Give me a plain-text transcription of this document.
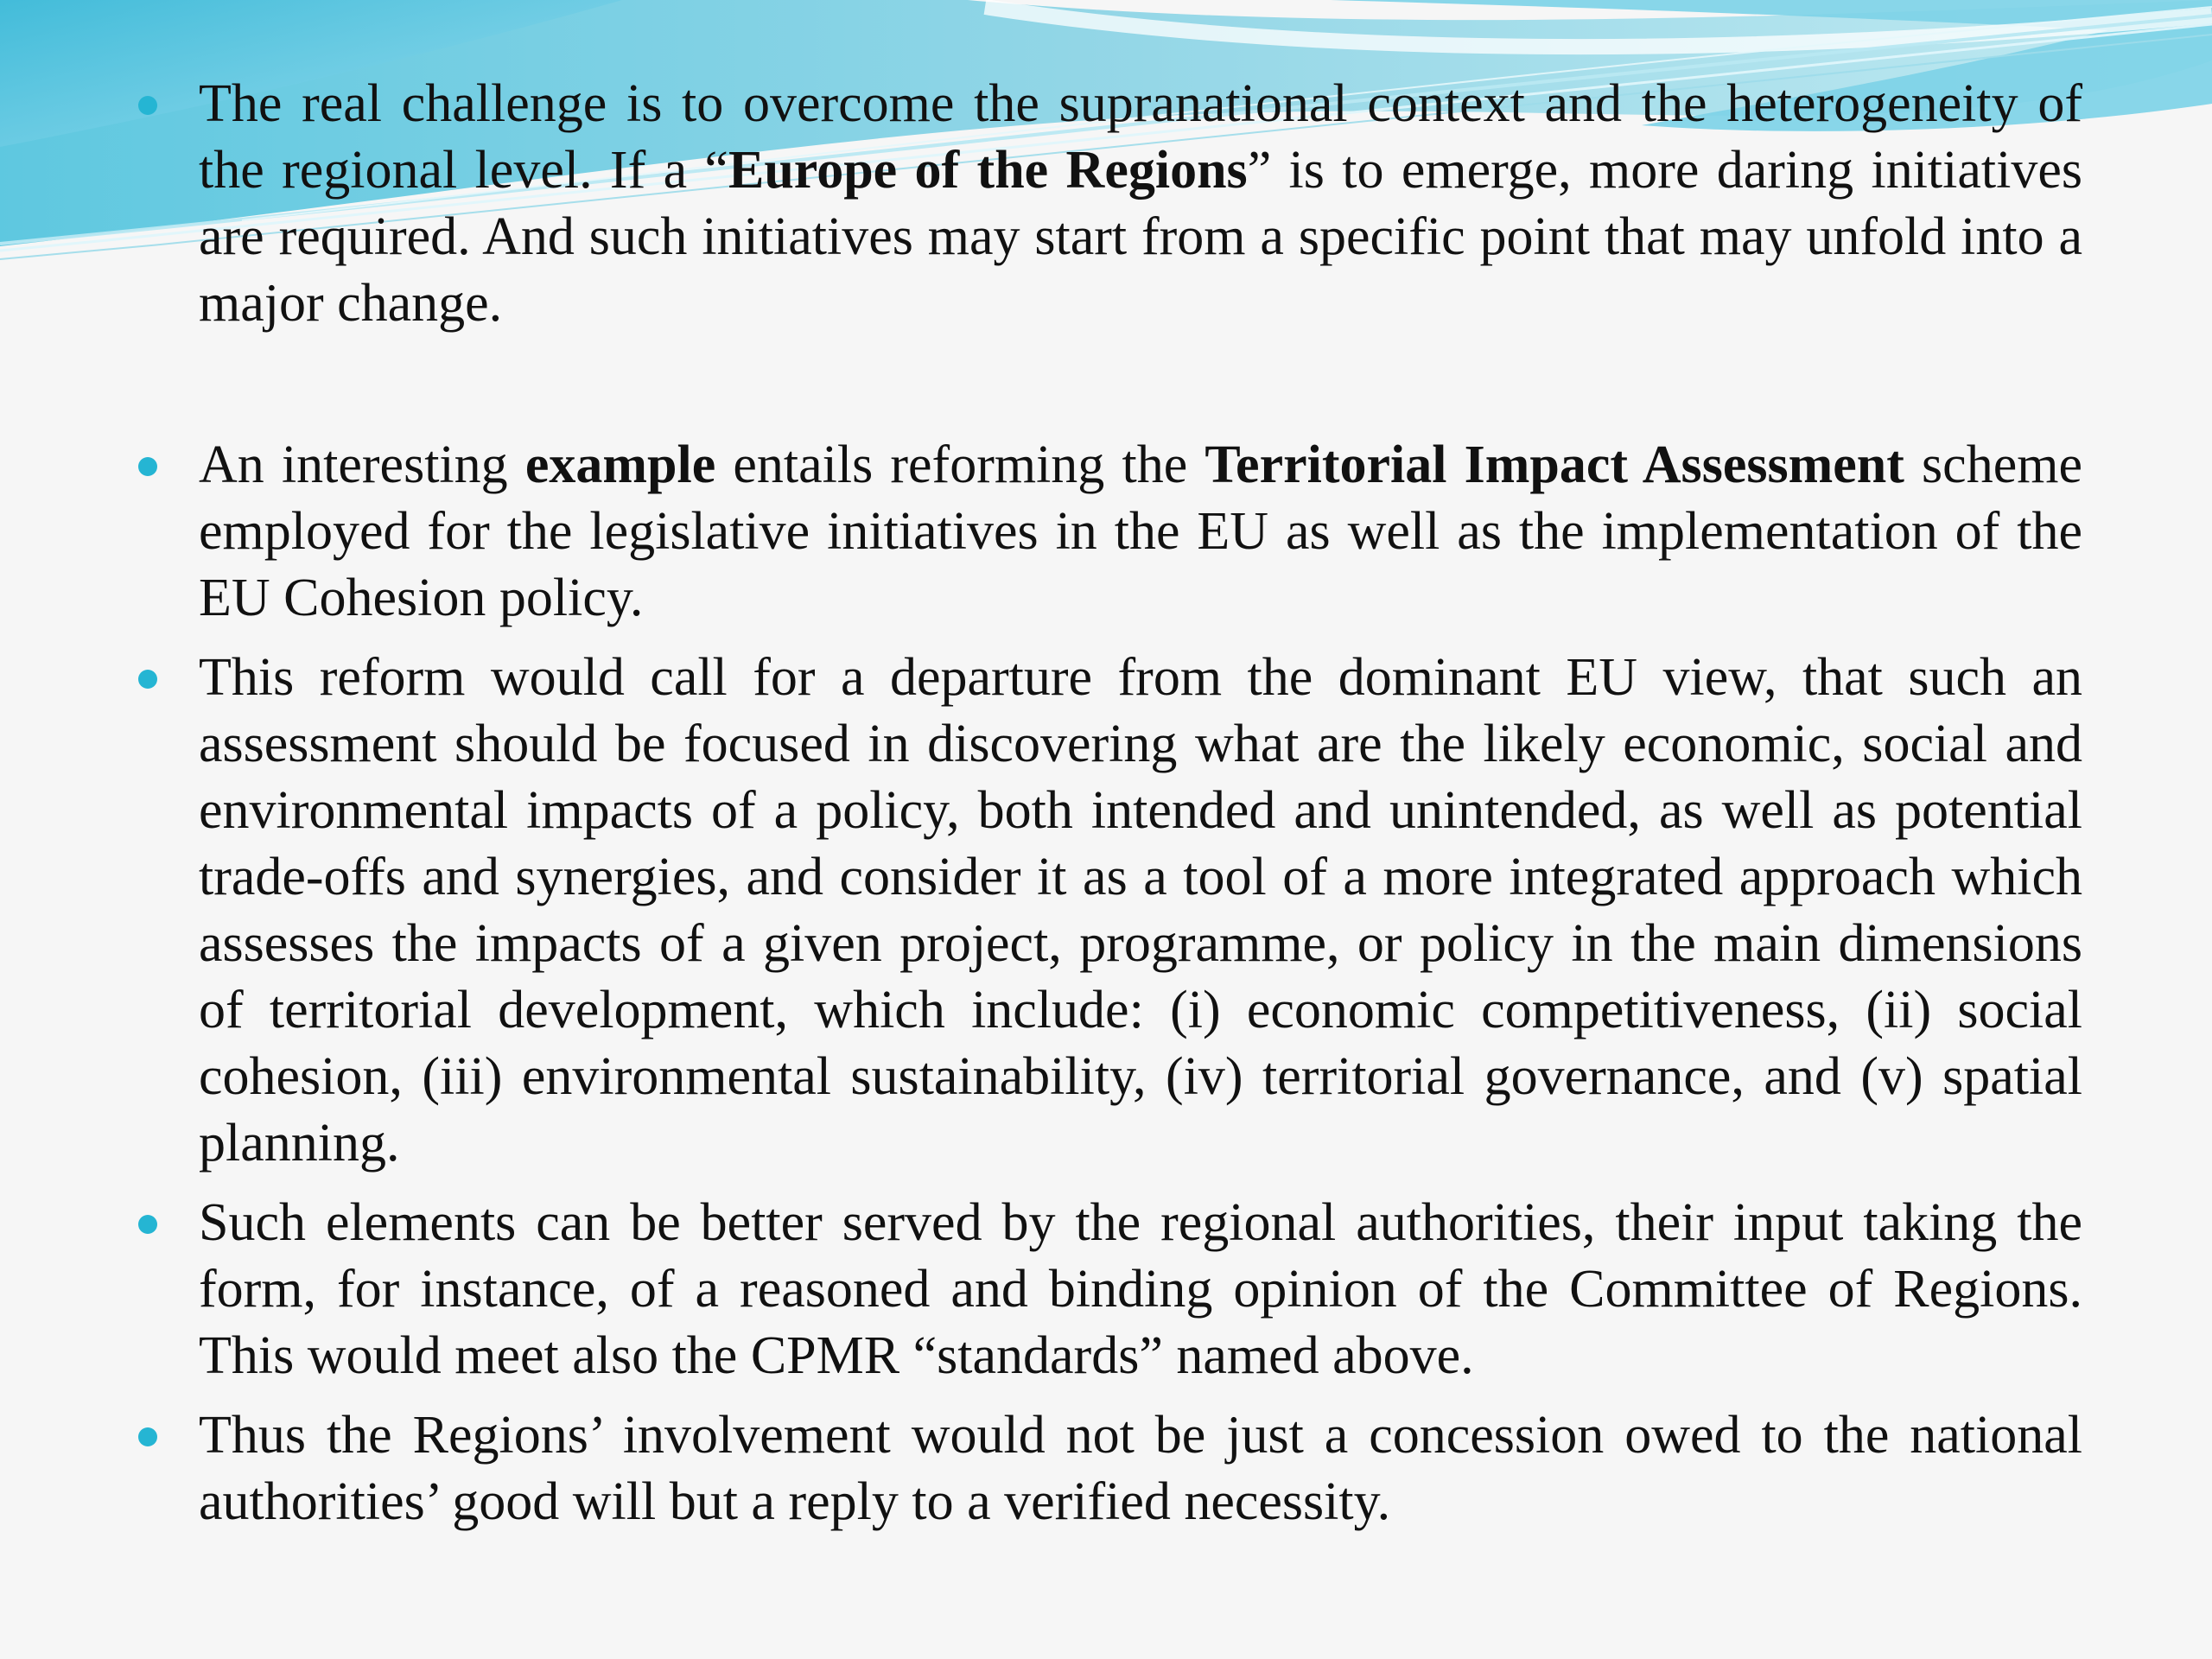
The real challenge is to overcome the supranational context and the heterogeneity of the regional level. If a “Europe of the Regions” is to emerge, more daring initiatives are required. And such initiatives may start from a specific point that may unfold into a major change.
An interesting example entails reforming the Territorial Impact Assessment scheme employed for the legislative initiatives in the EU as well as the implementation of the EU Cohesion policy.
This reform would call for a departure from the dominant EU view, that such an assessment should be focused in discovering what are the likely economic, social and environmental impacts of a policy, both intended and unintended, as well as potential trade-offs and synergies, and consider it as a tool of a more integrated approach which assesses the impacts of a given project, programme, or policy in the main dimensions of territorial development, which include: (i) economic competitiveness, (ii) social cohesion, (iii) environmental sustainability, (iv) territorial governance, and (v) spatial planning.
Such elements can be better served by the regional authorities, their input taking the form, for instance, of a reasoned and binding opinion of the Committee of Regions. This would meet also the CPMR “standards” named above.
Thus the Regions’ involvement would not be just a concession owed to the national authorities’ good will but a reply to a verified necessity.
